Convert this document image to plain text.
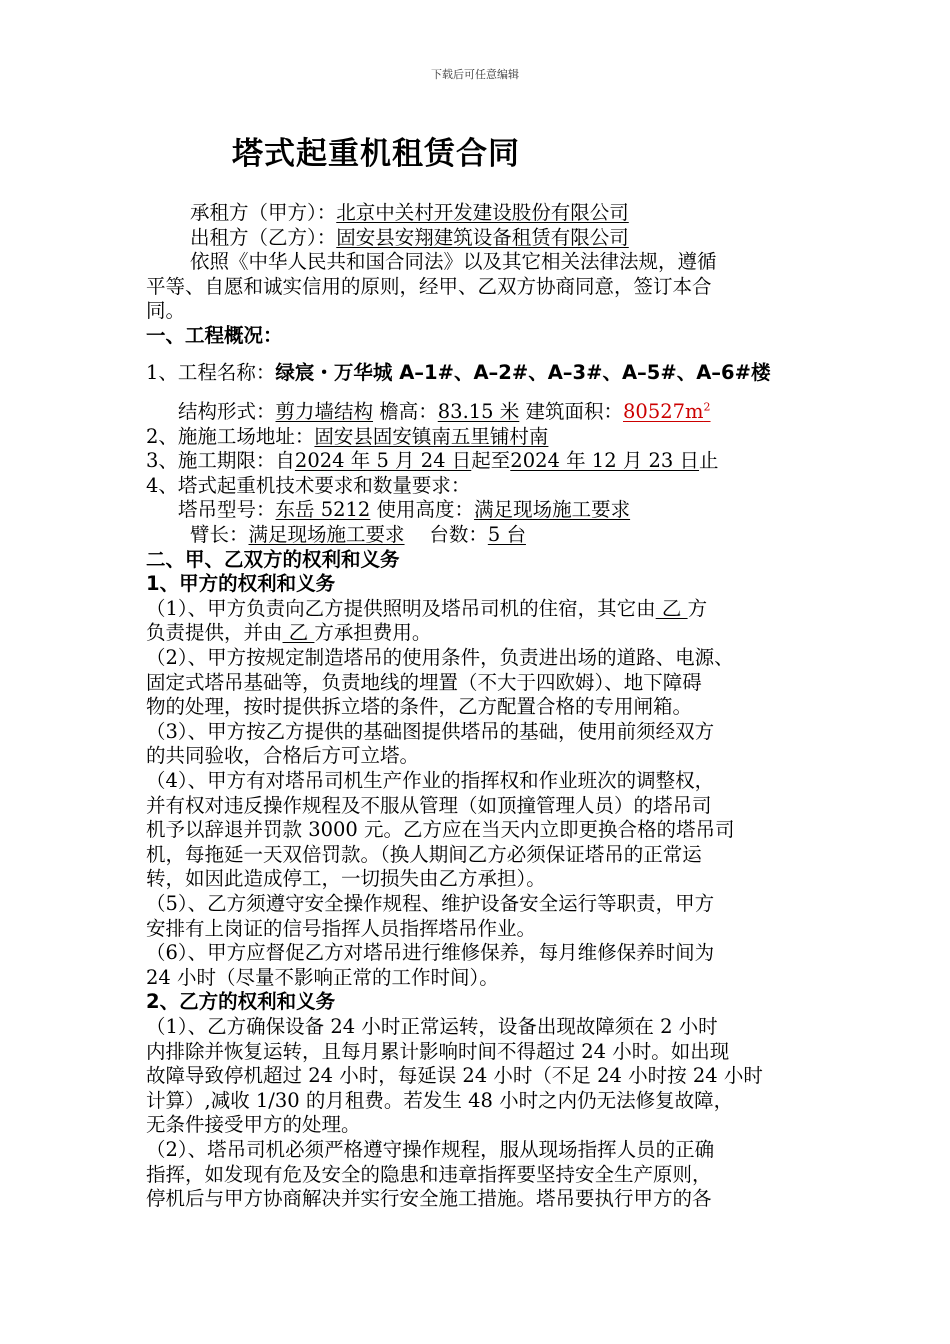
下载后可任意编辑
塔式起重机租赁合同
承租方（甲方）：北京中关村开发建设股份有限公司
出租方（乙方）：固安县安翔建筑设备租赁有限公司
依照《中华人民共和国合同法》以及其它相关法律法规，遵循
平等、自愿和诚实信用的原则，经甲、乙双方协商同意，签订本合
同。
一、工程概况：
1、工程名称：绿宸・万华城 A–1#、A–2#、A–3#、A–5#、A–6#楼
结构形式：剪力墙结构 檐高：83.15 米 建筑面积：$80527m^2$
2、施施工场地址：固安县固安镇南五里铺村南
3、施工期限：自2024 年 5 月 24 日起至2024 年 12 月 23 日止
4、塔式起重机技术要求和数量要求：
塔吊型号：东岳 5212 使用高度：满足现场施工要求
臂长：满足现场施工要求 台数：5 台
二、甲、乙双方的权利和义务
1、甲方的权利和义务
（1）、甲方负责向乙方提供照明及塔吊司机的住宿，其它由 乙 方
负责提供，并由 乙 方承担费用。
（2）、甲方按规定制造塔吊的使用条件，负责进出场的道路、电源、
固定式塔吊基础等，负责地线的埋置（不大于四欧姆）、地下障碍
物的处理，按时提供拆立塔的条件，乙方配置合格的专用闸箱。
（3）、甲方按乙方提供的基础图提供塔吊的基础，使用前须经双方
的共同验收，合格后方可立塔。
（4）、甲方有对塔吊司机生产作业的指挥权和作业班次的调整权，
并有权对违反操作规程及不服从管理（如顶撞管理人员）的塔吊司
机予以辞退并罚款 3000 元。乙方应在当天内立即更换合格的塔吊司
机，每拖延一天双倍罚款。（换人期间乙方必须保证塔吊的正常运
转，如因此造成停工，一切损失由乙方承担）。
（5）、乙方须遵守安全操作规程、维护设备安全运行等职责，甲方
安排有上岗证的信号指挥人员指挥塔吊作业。
（6）、甲方应督促乙方对塔吊进行维修保养，每月维修保养时间为
24 小时（尽量不影响正常的工作时间）。
2、乙方的权利和义务
（1）、乙方确保设备 24 小时正常运转，设备出现故障须在 2 小时
内排除并恢复运转，且每月累计影响时间不得超过 24 小时。如出现
故障导致停机超过 24 小时，每延误 24 小时（不足 24 小时按 24 小时
计算）,减收 1/30 的月租费。若发生 48 小时之内仍无法修复故障，
无条件接受甲方的处理。
（2）、塔吊司机必须严格遵守操作规程，服从现场指挥人员的正确
指挥，如发现有危及安全的隐患和违章指挥要坚持安全生产原则，
停机后与甲方协商解决并实行安全施工措施。塔吊要执行甲方的各
